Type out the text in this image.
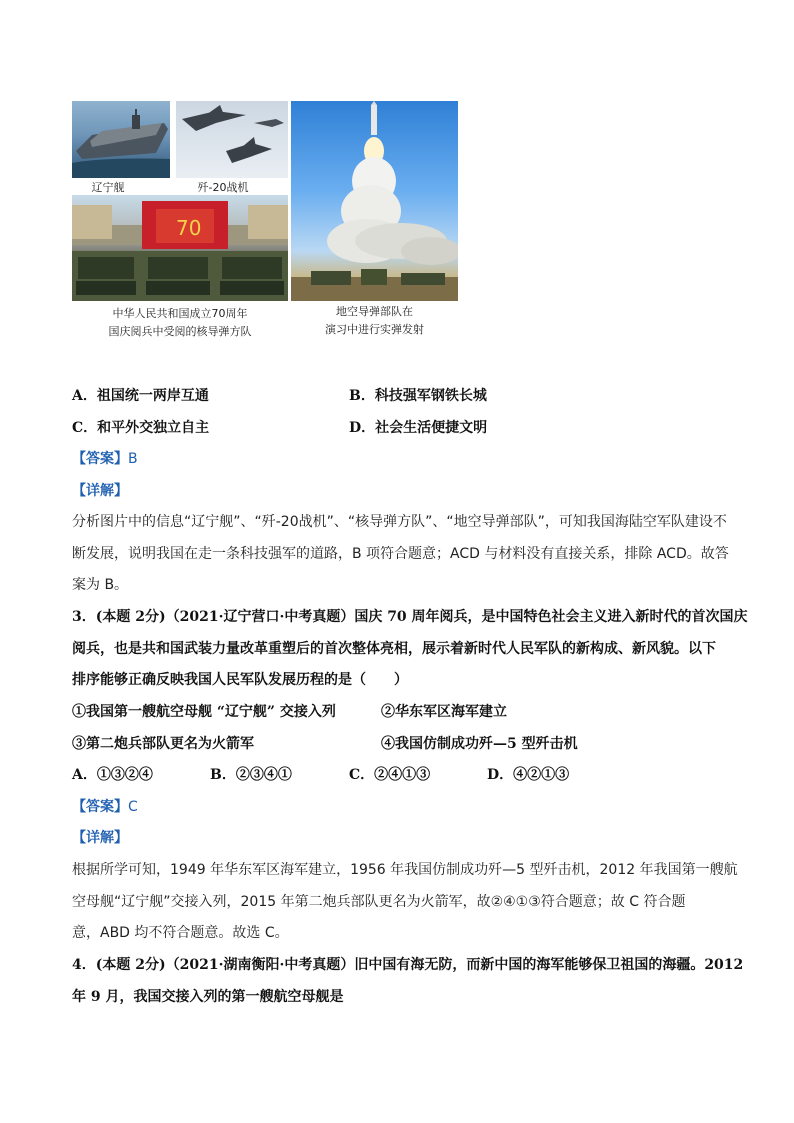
辽宁舰	歼-20战机
70
中华人民共和国成立70周年
国庆阅兵中受阅的核导弹方队
地空导弹部队在
演习中进行实弹发射
A．祖国统一两岸互通	B．科技强军钢铁长城
C．和平外交独立自主	D．社会生活便捷文明
【答案】B
【详解】
分析图片中的信息“辽宁舰”、“歼-20战机”、“核导弹方队”、“地空导弹部队”，可知我国海陆空军队建设不
断发展，说明我国在走一条科技强军的道路，B 项符合题意；ACD 与材料没有直接关系，排除 ACD。故答
案为 B。
3．(本题 2分)（2021·辽宁营口·中考真题）国庆 70 周年阅兵，是中国特色社会主义进入新时代的首次国庆
阅兵，也是共和国武装力量改革重塑后的首次整体亮相，展示着新时代人民军队的新构成、新风貌。以下
排序能够正确反映我国人民军队发展历程的是（　　）
①我国第一艘航空母舰 “辽宁舰” 交接入列	②华东军区海军建立
③第二炮兵部队更名为火箭军	④我国仿制成功歼—5 型歼击机
A．①③②④	B．②③④①	C．②④①③	D．④②①③
【答案】C
【详解】
根据所学可知，1949 年华东军区海军建立，1956 年我国仿制成功歼—5 型歼击机，2012 年我国第一艘航
空母舰“辽宁舰”交接入列，2015 年第二炮兵部队更名为火箭军，故②④①③符合题意；故 C 符合题
意，ABD 均不符合题意。故选 C。
4．(本题 2分)（2021·湖南衡阳·中考真题）旧中国有海无防，而新中国的海军能够保卫祖国的海疆。2012
年 9 月，我国交接入列的第一艘航空母舰是
